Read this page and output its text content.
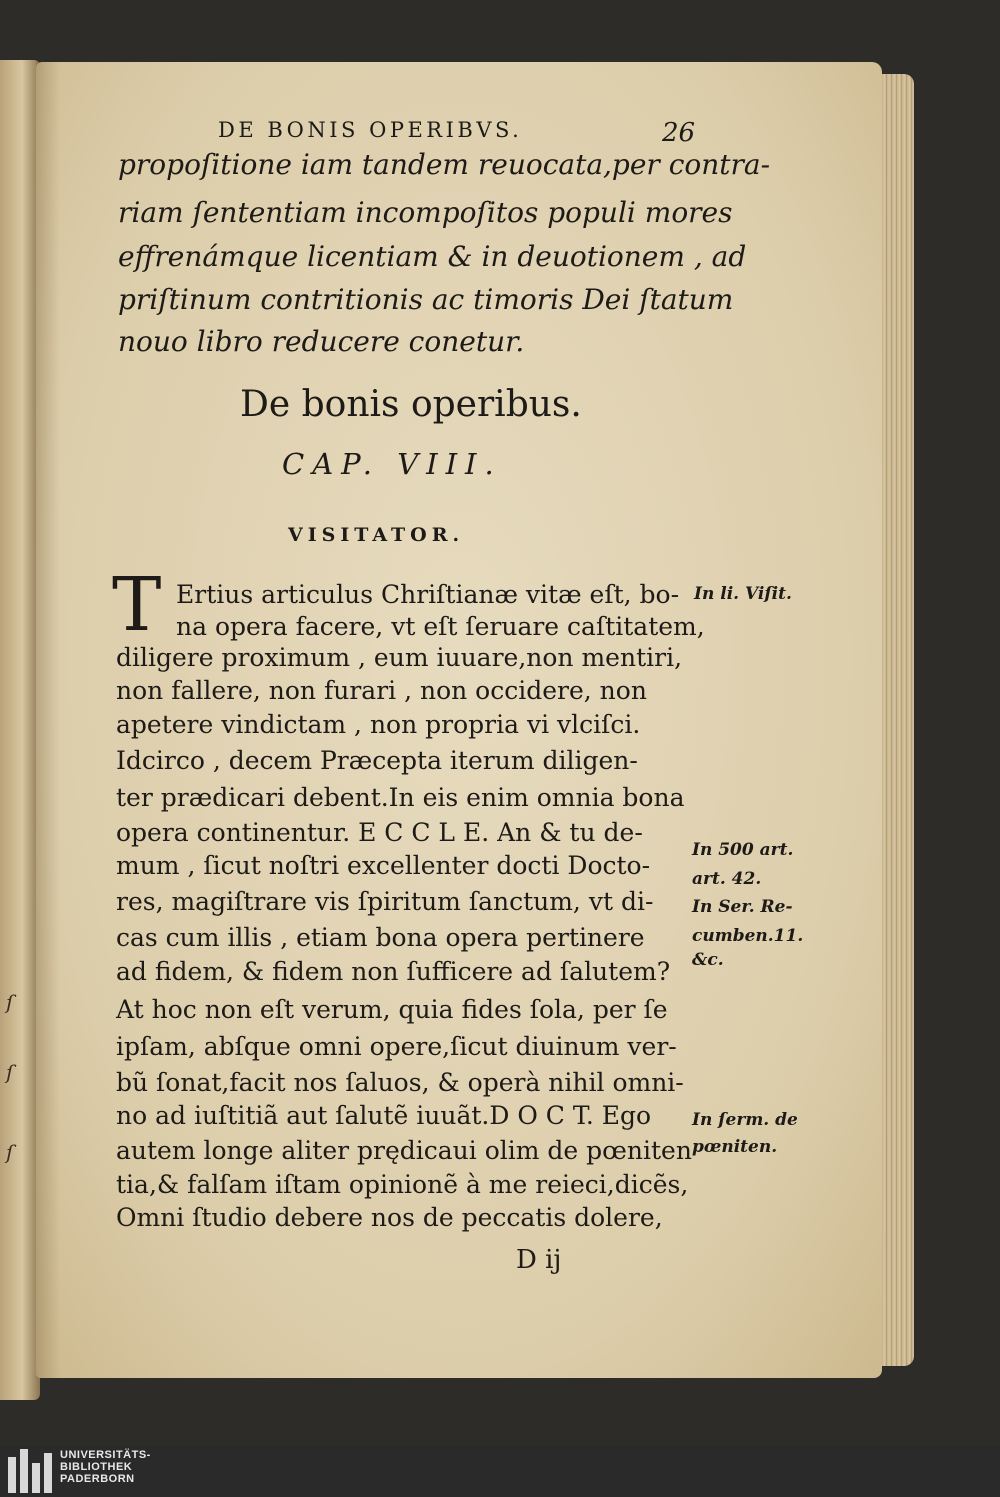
ſ
ſ
ſ
DE BONIS OPERIBVS.	26
propoſitione iam tandem reuocata,per contra-
riam ſententiam incompoſitos populi mores
effrenámque licentiam & in deuotionem , ad
priſtinum contritionis ac timoris Dei ſtatum
nouo libro reducere conetur.
De bonis operibus.
CAP. VIII.
VISITATOR.
T Ertius articulus Chriſtianæ vitæ eſt, bo-
na opera facere, vt eſt ſeruare caſtitatem,
diligere proximum , eum iuuare,non mentiri,
non fallere, non furari , non occidere, non
apetere vindictam , non propria vi vlciſci.
Idcirco , decem Præcepta iterum diligen-
ter prædicari debent.In eis enim omnia bona
opera continentur. E C C L E. An & tu de-
mum , ſicut noſtri excellenter docti Docto-
res, magiſtrare vis ſpiritum ſanctum, vt di-
cas cum illis , etiam bona opera pertinere
ad fidem, & fidem non ſufficere ad ſalutem?
At hoc non eſt verum, quia fides ſola, per ſe
ipſam, abſque omni opere,ſicut diuinum ver-
bũ ſonat,facit nos ſaluos, & operà nihil omni-
no ad iuſtitiã aut ſalutẽ iuuãt.D O C T. Ego
autem longe aliter prędicaui olim de pœniten
tia,& falſam iſtam opinionẽ à me reieci,dicẽs,
Omni ſtudio debere nos de peccatis dolere,
D ij
In li. Viſit.
In 500 art.
art. 42.
In Ser. Re-
cumben.11.
&c.
In ſerm. de
pœniten.
UNIVERSITÄTS-
BIBLIOTHEK
PADERBORN
